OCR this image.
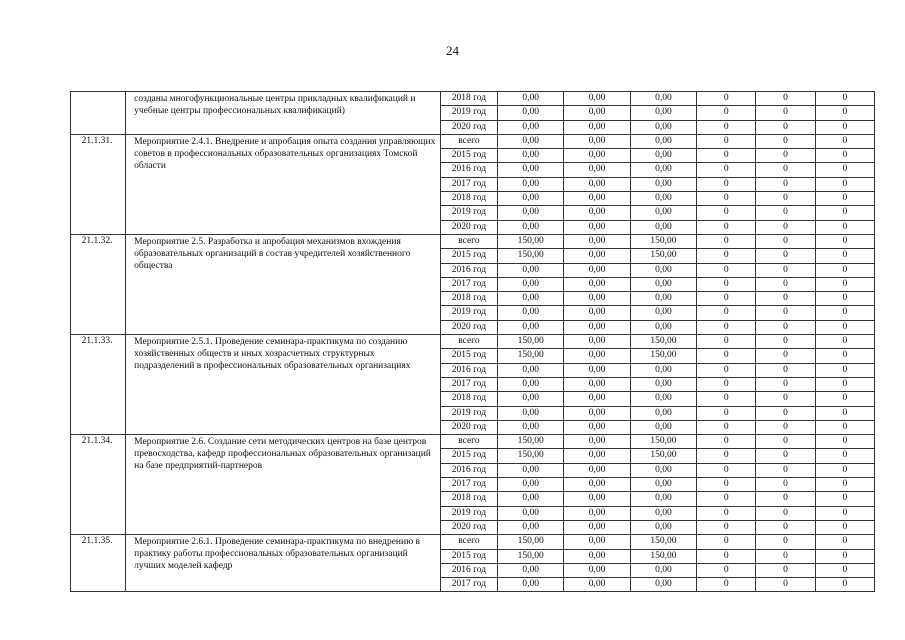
24
	созданы многофункциональные центры прикладных квалификаций и учебные центры профессиональных квалификаций)	2018 год	0,00	0,00	0,00	0	0	0
		2019 год	0,00	0,00	0,00	0	0	0
		2020 год	0,00	0,00	0,00	0	0	0
21.1.31.	Мероприятие 2.4.1. Внедрение и апробация опыта создания управляющих советов в профессиональных образовательных организациях Томской области	всего	0,00	0,00	0,00	0	0	0
		2015 год	0,00	0,00	0,00	0	0	0
		2016 год	0,00	0,00	0,00	0	0	0
		2017 год	0,00	0,00	0,00	0	0	0
		2018 год	0,00	0,00	0,00	0	0	0
		2019 год	0,00	0,00	0,00	0	0	0
		2020 год	0,00	0,00	0,00	0	0	0
21.1.32.	Мероприятие 2.5. Разработка и апробация механизмов вхождения образовательных организаций в состав учредителей хозяйственного общества	всего	150,00	0,00	150,00	0	0	0
		2015 год	150,00	0,00	150,00	0	0	0
		2016 год	0,00	0,00	0,00	0	0	0
		2017 год	0,00	0,00	0,00	0	0	0
		2018 год	0,00	0,00	0,00	0	0	0
		2019 год	0,00	0,00	0,00	0	0	0
		2020 год	0,00	0,00	0,00	0	0	0
21.1.33.	Мероприятие 2.5.1. Проведение семинара-практикума по созданию хозяйственных обществ и иных хозрасчетных структурных подразделений в профессиональных образовательных организациях	всего	150,00	0,00	150,00	0	0	0
		2015 год	150,00	0,00	150,00	0	0	0
		2016 год	0,00	0,00	0,00	0	0	0
		2017 год	0,00	0,00	0,00	0	0	0
		2018 год	0,00	0,00	0,00	0	0	0
		2019 год	0,00	0,00	0,00	0	0	0
		2020 год	0,00	0,00	0,00	0	0	0
21.1.34.	Мероприятие 2.6. Создание сети методических центров на базе центров превосходства, кафедр профессиональных образовательных организаций на базе предприятий-партнеров	всего	150,00	0,00	150,00	0	0	0
		2015 год	150,00	0,00	150,00	0	0	0
		2016 год	0,00	0,00	0,00	0	0	0
		2017 год	0,00	0,00	0,00	0	0	0
		2018 год	0,00	0,00	0,00	0	0	0
		2019 год	0,00	0,00	0,00	0	0	0
		2020 год	0,00	0,00	0,00	0	0	0
21.1.35.	Мероприятие 2.6.1. Проведение семинара-практикума по внедрению в практику работы профессиональных образовательных организаций лучших моделей кафедр	всего	150,00	0,00	150,00	0	0	0
		2015 год	150,00	0,00	150,00	0	0	0
		2016 год	0,00	0,00	0,00	0	0	0
		2017 год	0,00	0,00	0,00	0	0	0
